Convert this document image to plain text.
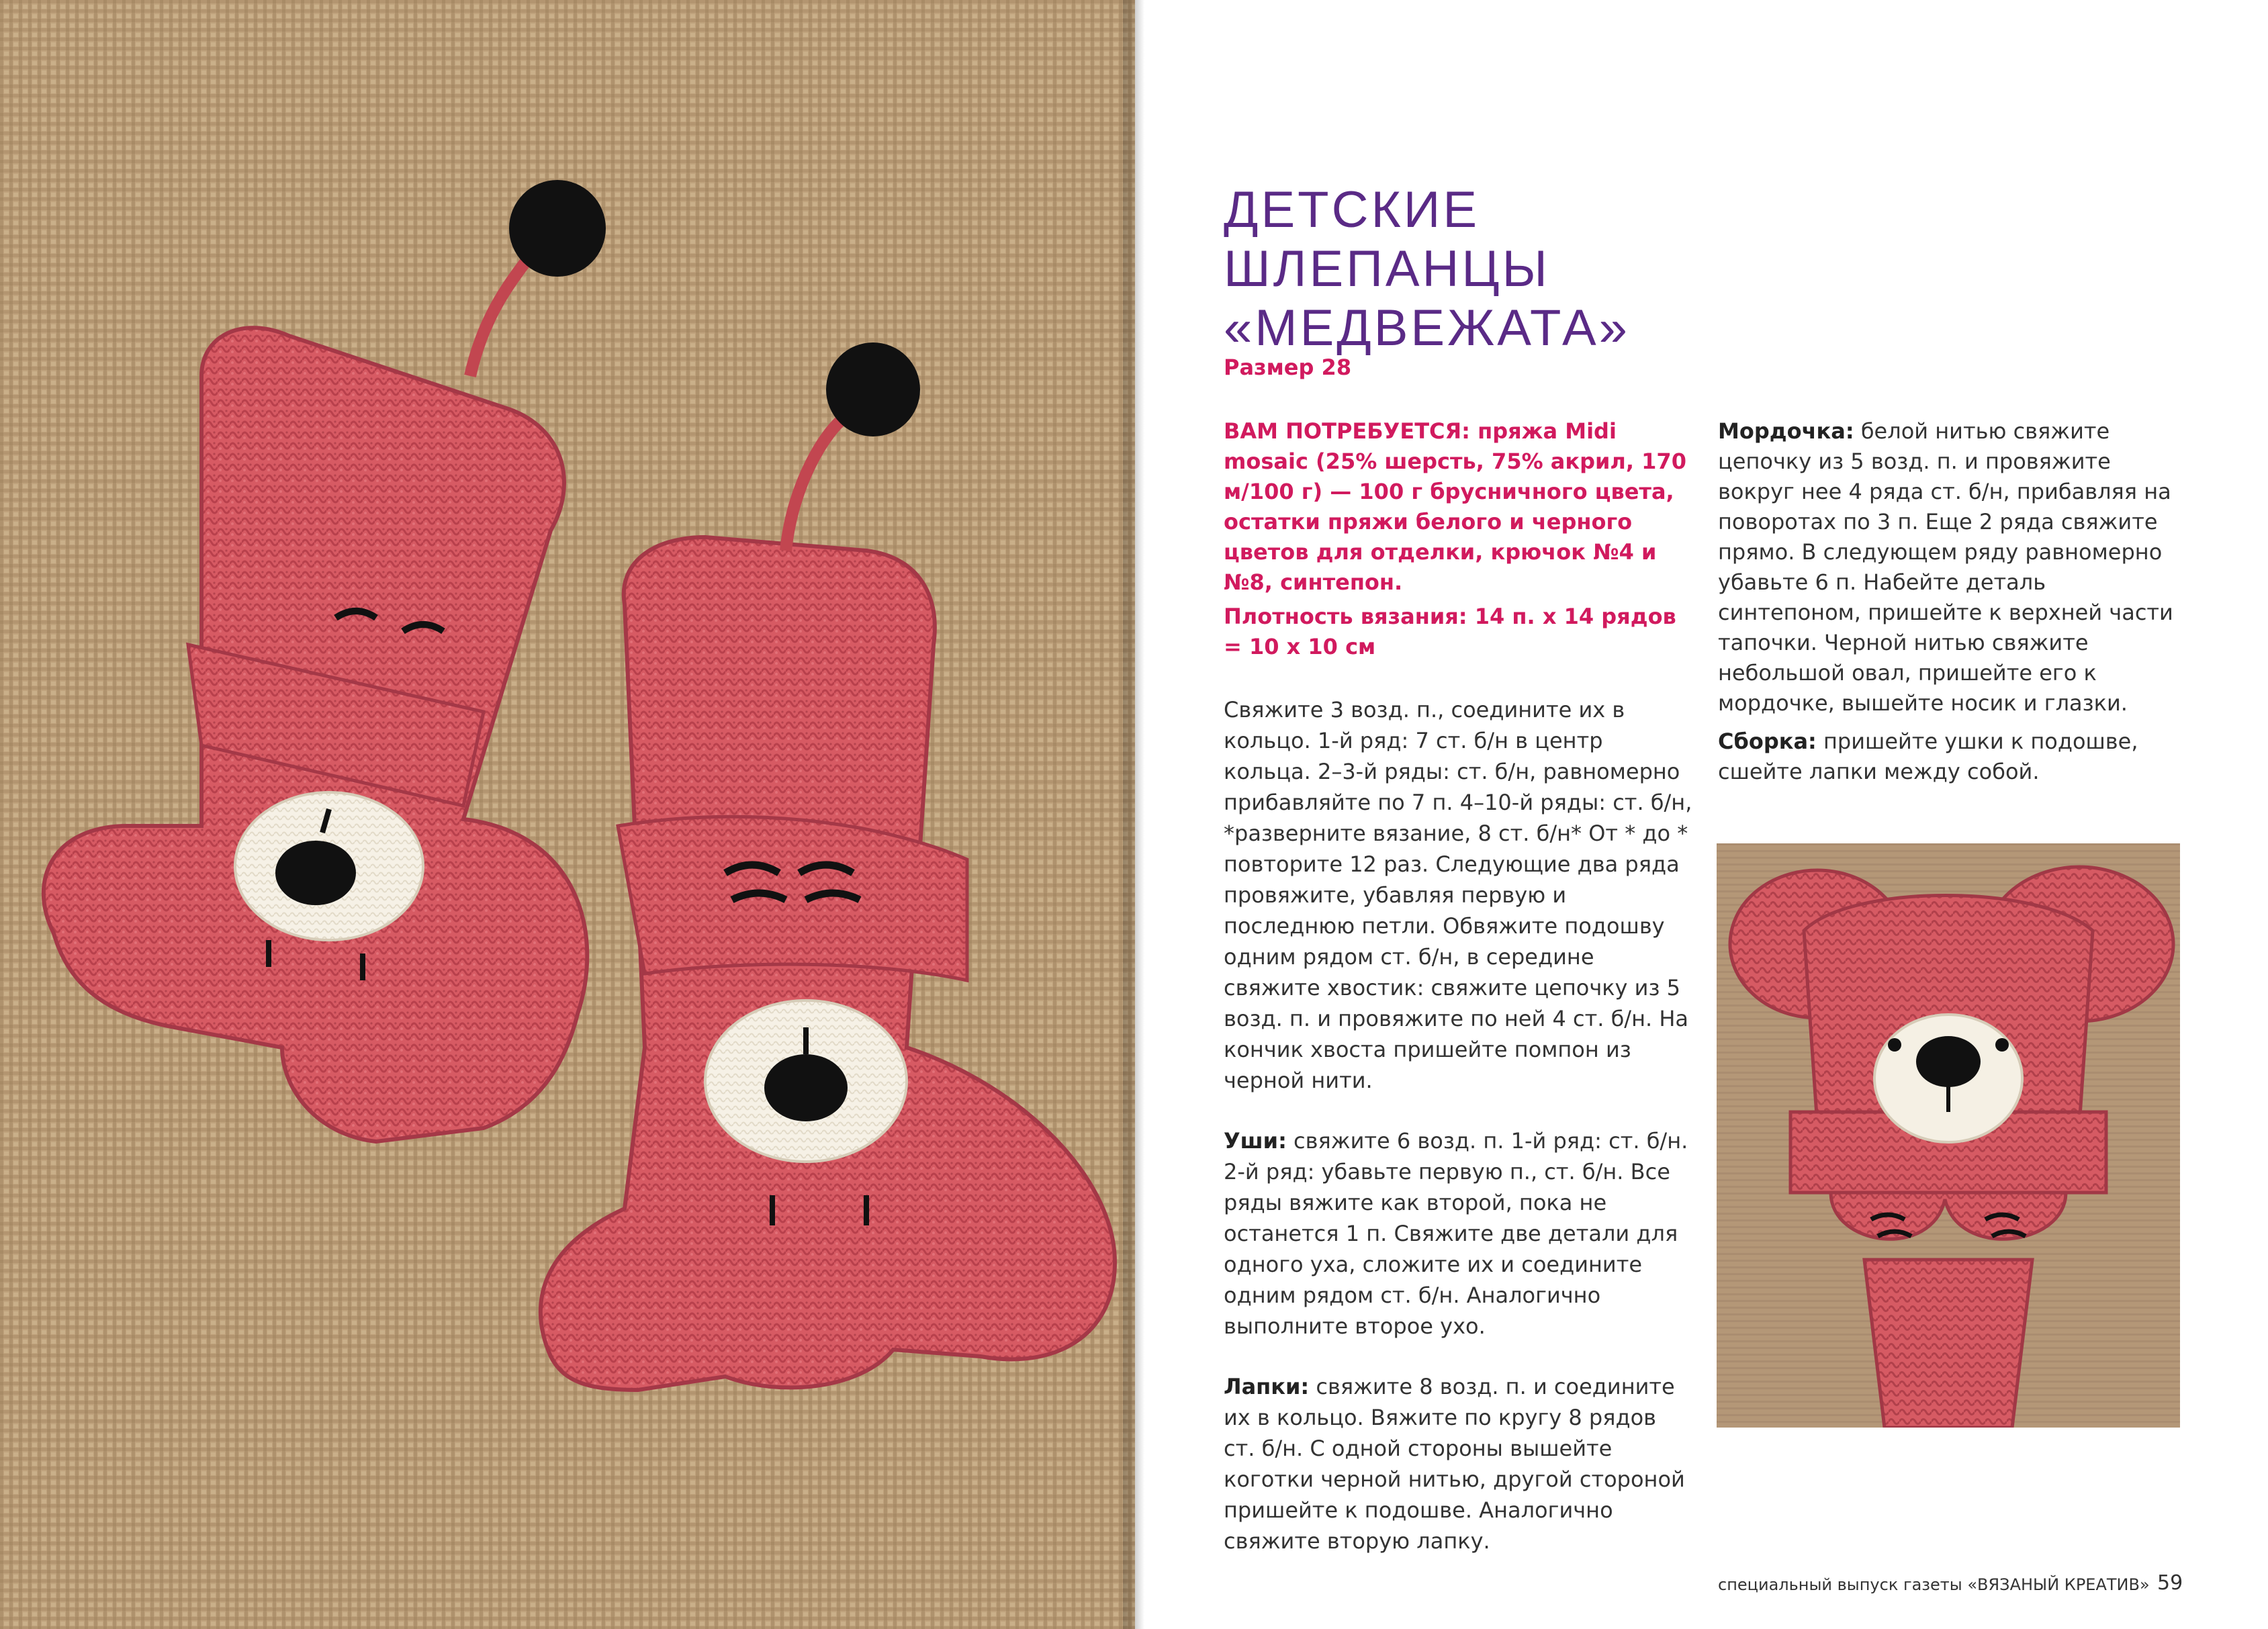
ДЕТСКИЕ
ШЛЕПАНЦЫ
«МЕДВЕЖАТА»
Размер 28
ВАМ ПОТРЕБУЕТСЯ: пряжа Midi mosaic (25% шерсть, 75% акрил, 170 м/100 г) — 100 г брусничного цвета, остатки пряжи белого и черного цветов для отделки, крючок №4 и №8, синтепон.
Плотность вязания: 14 п. х 14 рядов = 10 х 10 см

Свяжите 3 возд. п., соедините их в кольцо. 1-й ряд: 7 ст. б/н в центр кольца. 2–3-й ряды: ст. б/н, равномерно прибавляйте по 7 п. 4–10-й ряды: ст. б/н, *разверните вязание, 8 ст. б/н* От * до * повторите 12 раз. Следующие два ряда провяжите, убавляя первую и последнюю петли. Обвяжите подошву одним рядом ст. б/н, в середине свяжите хвостик: свяжите цепочку из 5 возд. п. и провяжите по ней 4 ст. б/н. На кончик хвоста пришейте помпон из черной нити.

Уши: свяжите 6 возд. п. 1-й ряд: ст. б/н. 2-й ряд: убавьте первую п., ст. б/н. Все ряды вяжите как второй, пока не останется 1 п. Свяжите две детали для одного уха, сложите их и соедините одним рядом ст. б/н. Аналогично выполните второе ухо.

Лапки: свяжите 8 возд. п. и соедините их в кольцо. Вяжите по кругу 8 рядов ст. б/н. С одной стороны вышейте коготки черной нитью, другой стороной пришейте к подошве. Аналогично свяжите вторую лапку.

Мордочка: белой нитью свяжите цепочку из 5 возд. п. и провяжите вокруг нее 4 ряда ст. б/н, прибавляя на поворотах по 3 п. Еще 2 ряда свяжите прямо. В следующем ряду равномерно убавьте 6 п. Набейте деталь синтепоном, пришейте к верхней части тапочки. Черной нитью свяжите небольшой овал, пришейте его к мордочке, вышейте носик и глазки.
Сборка: пришейте ушки к подошве, сшейте лапки между собой.
специальный выпуск газеты «ВЯЗАНЫЙ КРЕАТИВ» 59
